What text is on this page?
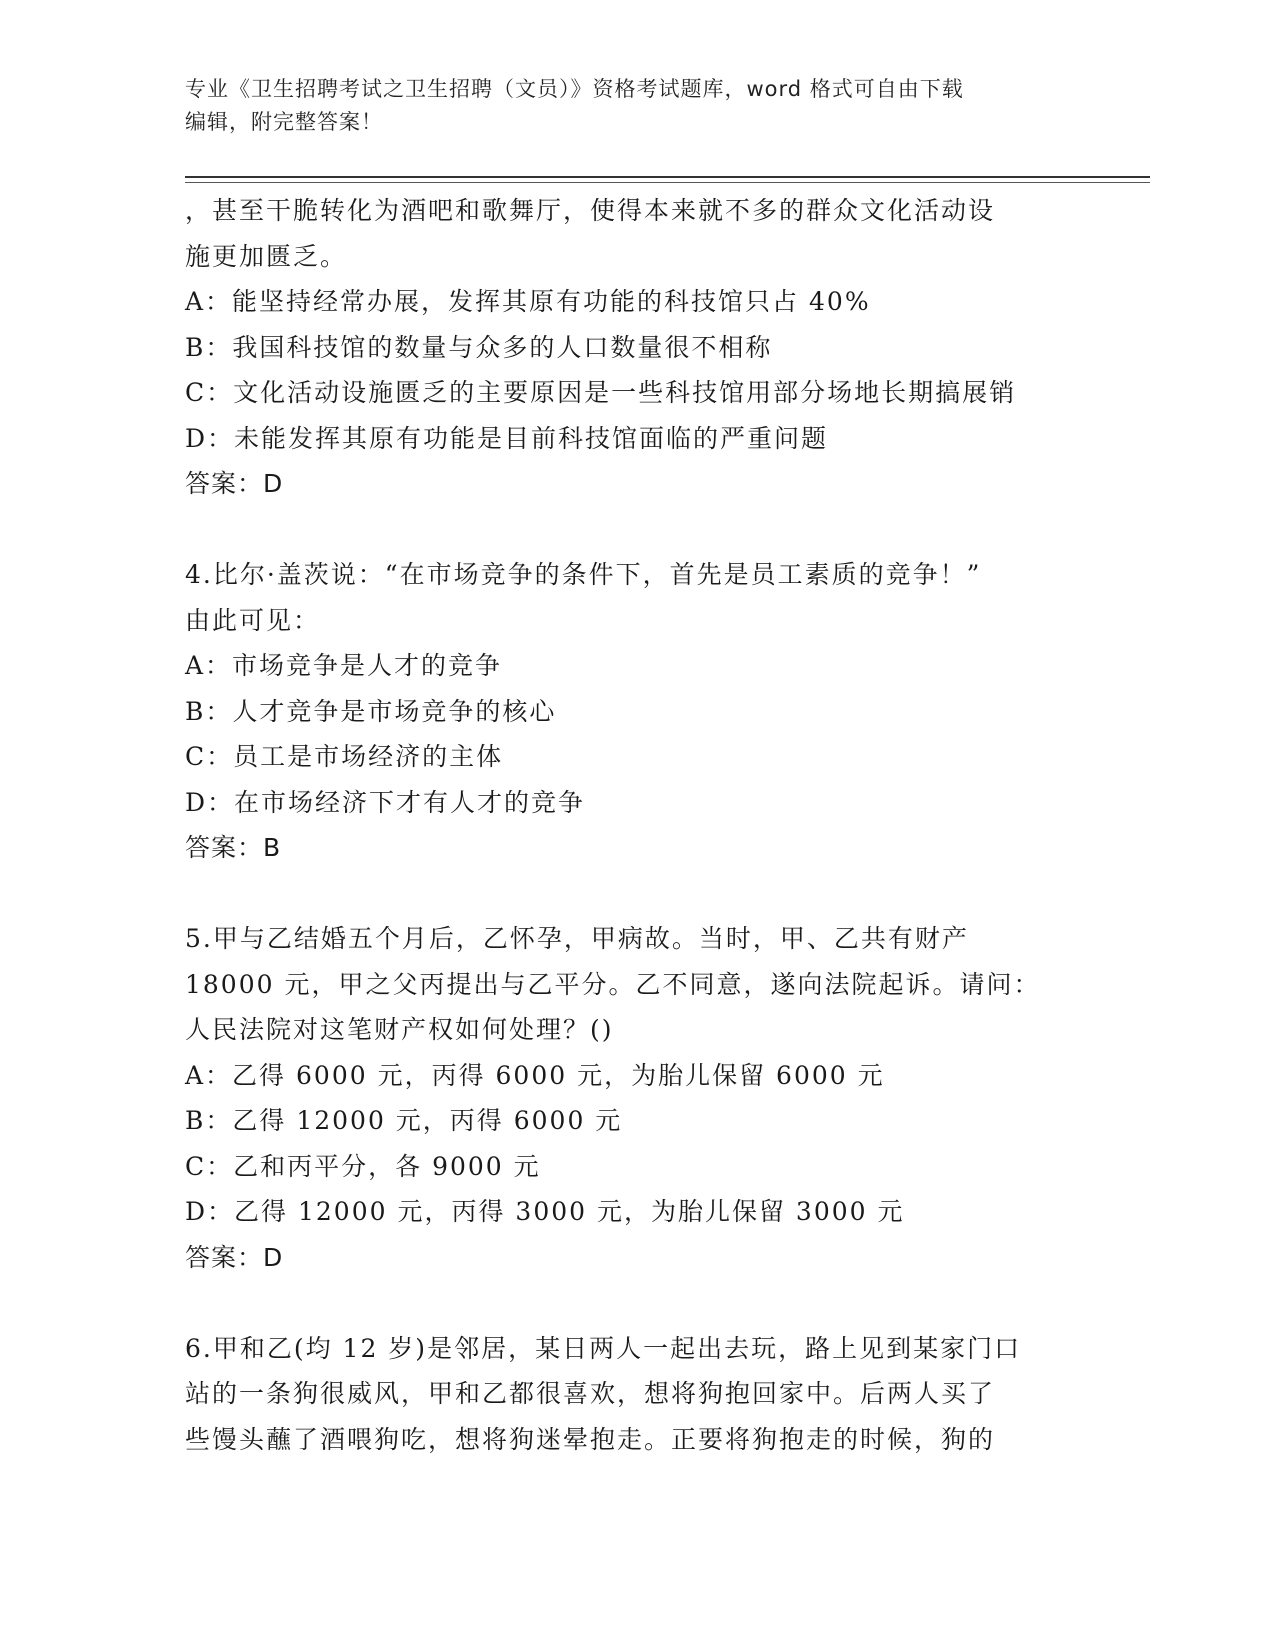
专业《卫生招聘考试之卫生招聘（文员）》资格考试题库，word 格式可自由下载
编辑，附完整答案！
，甚至干脆转化为酒吧和歌舞厅，使得本来就不多的群众文化活动设
施更加匮乏。
A：能坚持经常办展，发挥其原有功能的科技馆只占 40%
B：我国科技馆的数量与众多的人口数量很不相称
C：文化活动设施匮乏的主要原因是一些科技馆用部分场地长期搞展销
D：未能发挥其原有功能是目前科技馆面临的严重问题
答案：D
4.比尔·盖茨说：“在市场竞争的条件下，首先是员工素质的竞争！”
由此可见：
A：市场竞争是人才的竞争
B：人才竞争是市场竞争的核心
C：员工是市场经济的主体
D：在市场经济下才有人才的竞争
答案：B
5.甲与乙结婚五个月后，乙怀孕，甲病故。当时，甲、乙共有财产
18000 元，甲之父丙提出与乙平分。乙不同意，遂向法院起诉。请问：
人民法院对这笔财产权如何处理？()
A：乙得 6000 元，丙得 6000 元，为胎儿保留 6000 元
B：乙得 12000 元，丙得 6000 元
C：乙和丙平分，各 9000 元
D：乙得 12000 元，丙得 3000 元，为胎儿保留 3000 元
答案：D
6.甲和乙(均 12 岁)是邻居，某日两人一起出去玩，路上见到某家门口
站的一条狗很威风，甲和乙都很喜欢，想将狗抱回家中。后两人买了
些馒头蘸了酒喂狗吃，想将狗迷晕抱走。正要将狗抱走的时候，狗的
